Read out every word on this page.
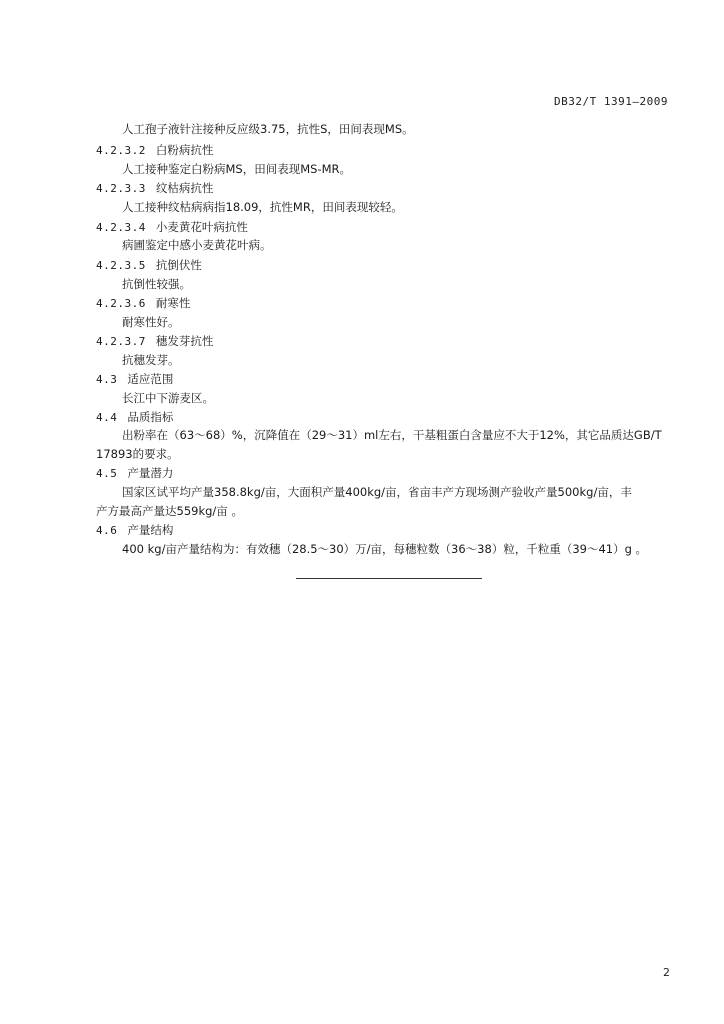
DB32/T 1391—2009
人工孢子液针注接种反应级3.75，抗性S，田间表现MS。
4.2.3.2 白粉病抗性
人工接种鉴定白粉病MS，田间表现MS-MR。
4.2.3.3 纹枯病抗性
人工接种纹枯病病指18.09，抗性MR，田间表现较轻。
4.2.3.4 小麦黄花叶病抗性
病圃鉴定中感小麦黄花叶病。
4.2.3.5 抗倒伏性
抗倒性较强。
4.2.3.6 耐寒性
耐寒性好。
4.2.3.7 穗发芽抗性
抗穗发芽。
4.3 适应范围
长江中下游麦区。
4.4 品质指标
出粉率在（63～68）%，沉降值在（29～31）ml左右，干基粗蛋白含量应不大于12%，其它品质达GB/T
17893的要求。
4.5 产量潜力
国家区试平均产量358.8kg/亩，大面积产量400kg/亩，省亩丰产方现场测产验收产量500kg/亩，丰
产方最高产量达559kg/亩 。
4.6 产量结构
400 kg/亩产量结构为：有效穗（28.5～30）万/亩，每穗粒数（36～38）粒，千粒重（39～41）g 。
2
